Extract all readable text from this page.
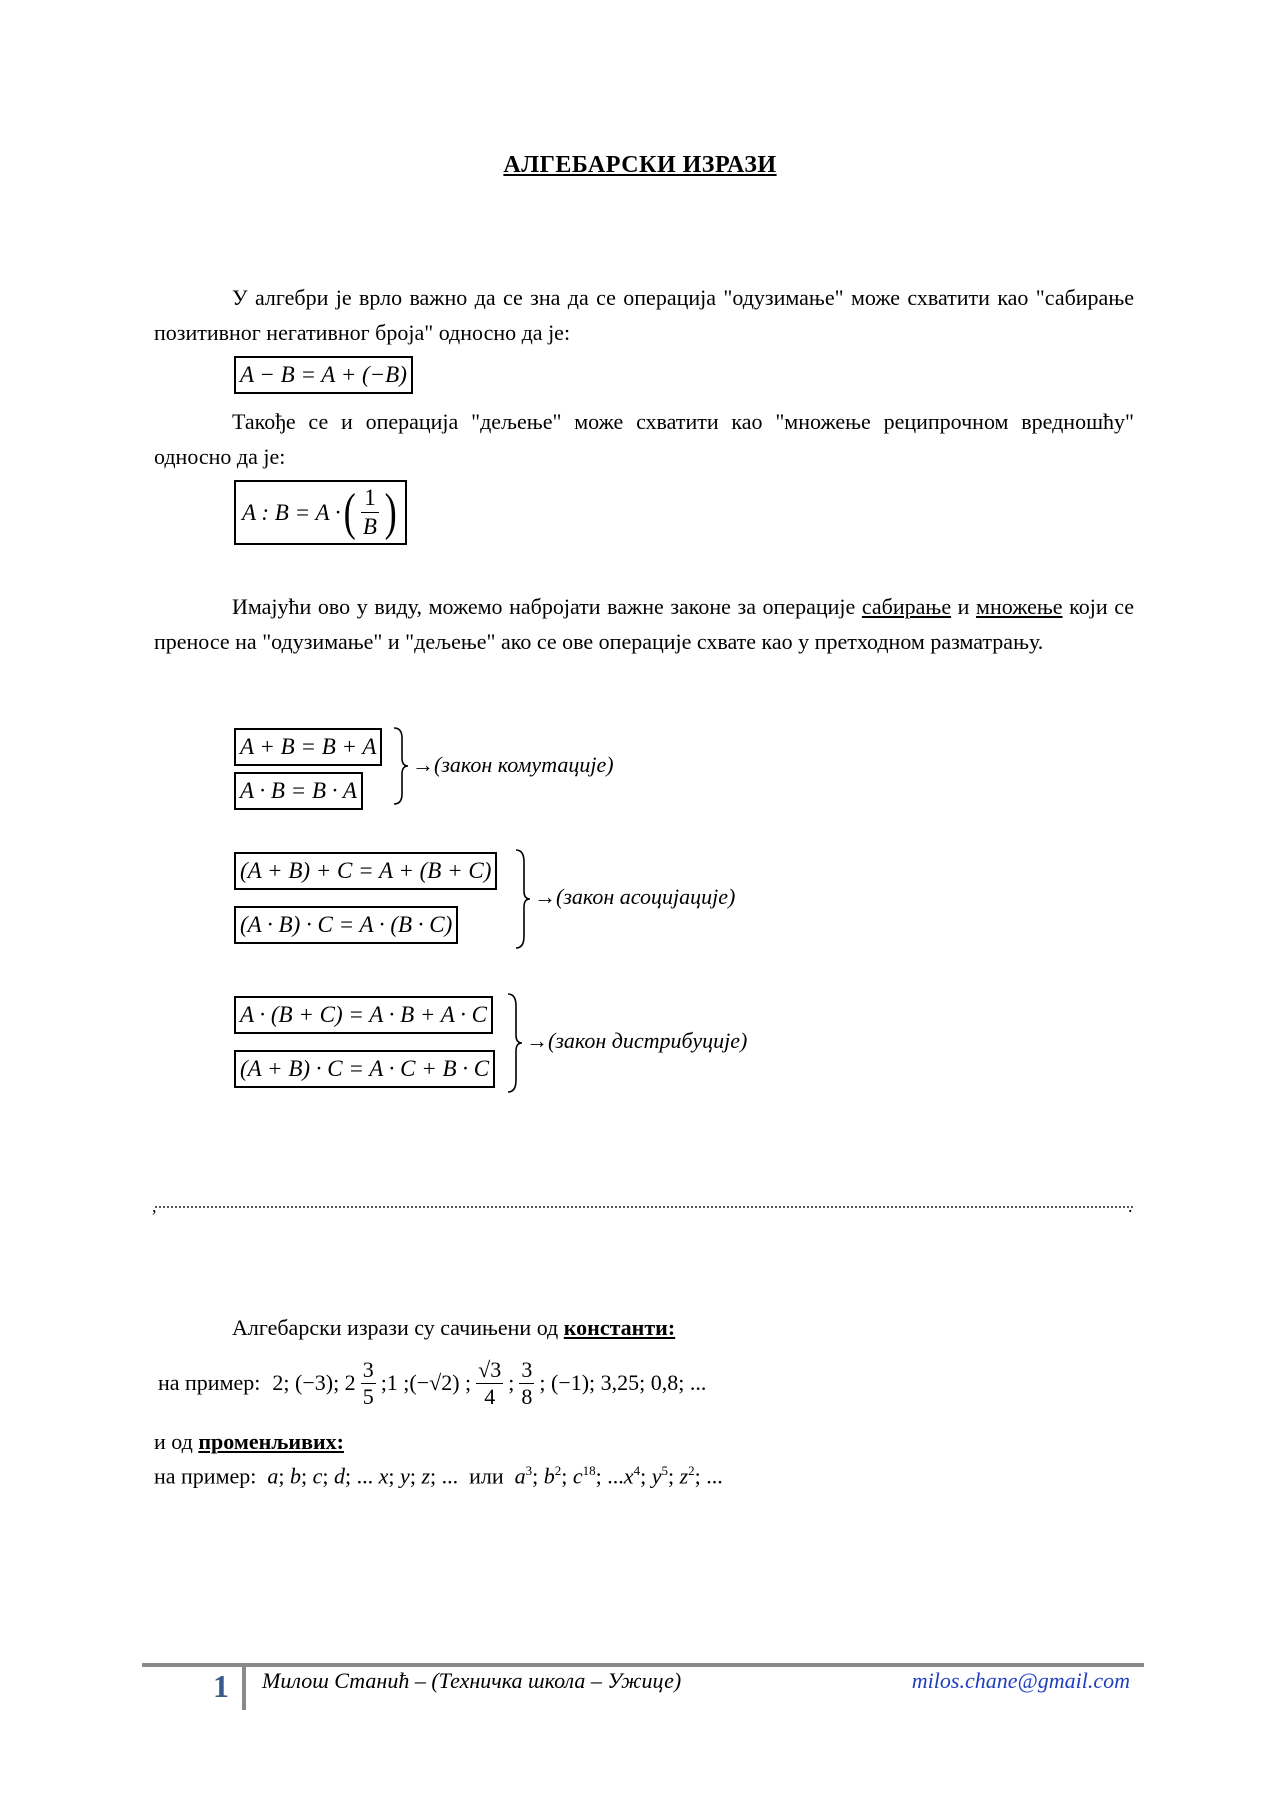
АЛГЕБАРСКИ ИЗРАЗИ
У алгебри је врло важно да се зна да се операција "одузимање" може схватити као "сабирање позитивног негативног броја" односно да је:
A − B = A + (−B)
Такође се и операција "дељење" може схватити као "множење реципрочном вредношћу" односно да је:
A : B = A · ( $\frac{1}{B}$ )
Имајући ово у виду, можемо набројати важне законе за операције сабирање и множење који се преносе на "одузимање" и "дељење" ако се ове операције схвате као у претходном разматрању.
A + B = B + A
A · B = B · A
→(закон комутације)
(A + B) + C = A + (B + C)
(A · B) · C = A · (B · C)
→(закон асоцијације)
A · (B + C) = A · B + A · C
(A + B) · C = A · C + B · C
→(закон дистрибуције)
,	.
Алгебарски изрази су сачињени од константи:
на пример: 2; (−3); $2 \frac{3}{5}$ ;1 ;(−√2) ; $\frac{√3}{4}$ ; $\frac{3}{8}$ ; (−1); 3,25; 0,8; ...
и од променљивих:
на пример: a; b; c; d; ... x; y; z; ... или $a^3$; $b^2$; $c^{18}$; $...x^4$; $y^5$; $z^2$; ...
1 Милош Станић – (Техничка школа – Ужице)	milos.chane@gmail.com
